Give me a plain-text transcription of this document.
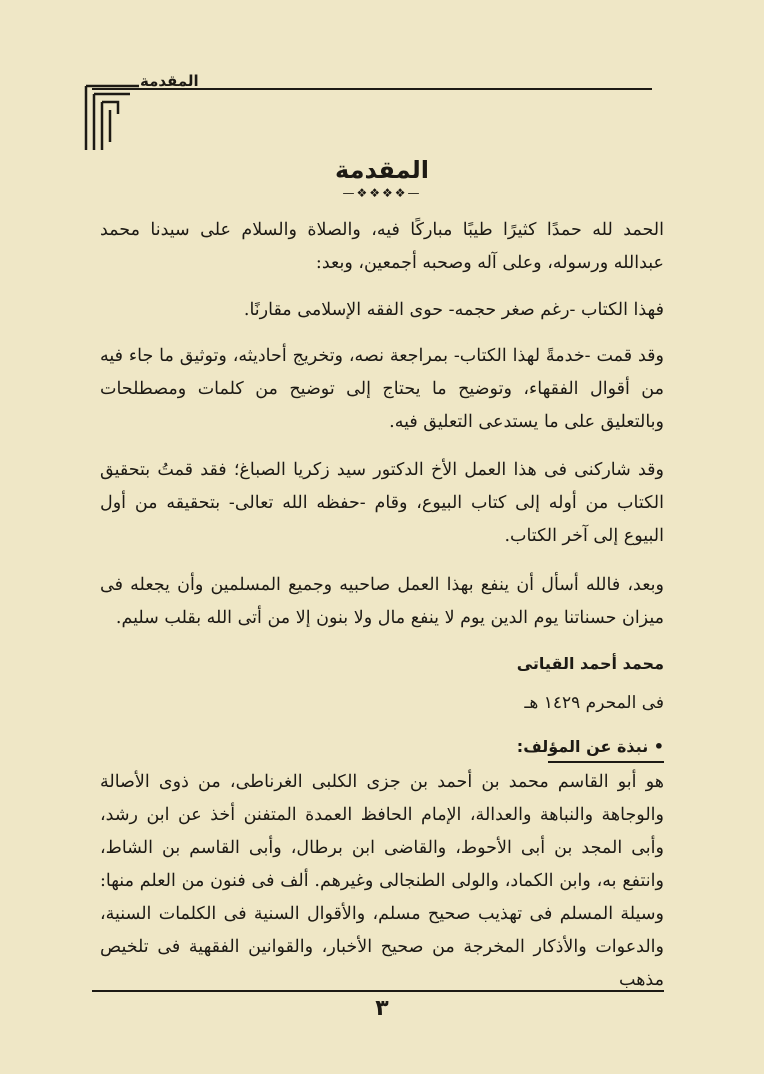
المقدمة
المقدمة
—❖❖❖❖—

الحمد لله حمدًا كثيرًا طيبًا مباركًا فيه، والصلاة والسلام على سيدنا محمد عبدالله ورسوله، وعلى آله وصحبه أجمعين، وبعد:

فهذا الكتاب -رغم صغر حجمه- حوى الفقه الإسلامى مقارنًا.

وقد قمت -خدمةً لهذا الكتاب- بمراجعة نصه، وتخريج أحاديثه، وتوثيق ما جاء فيه من أقوال الفقهاء، وتوضيح ما يحتاج إلى توضيح من كلمات ومصطلحات وبالتعليق على ما يستدعى التعليق فيه.

وقد شاركنى فى هذا العمل الأخ الدكتور سيد زكريا الصباغ؛ فقد قمتُ بتحقيق الكتاب من أوله إلى كتاب البيوع، وقام -حفظه الله تعالى- بتحقيقه من أول البيوع إلى آخر الكتاب.

وبعد، فالله أسأل أن ينفع بهذا العمل صاحبيه وجميع المسلمين وأن يجعله فى ميزان حسناتنا يوم الدين يوم لا ينفع مال ولا بنون إلا من أتى الله بقلب سليم.

محمد أحمد القياتى
فى المحرم ١٤٢٩ هـ
• نبذة عن المؤلف:

هو أبو القاسم محمد بن أحمد بن جزى الكلبى الغرناطى، من ذوى الأصالة والوجاهة والنباهة والعدالة، الإمام الحافظ العمدة المتفنن أخذ عن ابن رشد، وأبى المجد بن أبى الأحوط، والقاضى ابن برطال، وأبى القاسم بن الشاط، وانتفع به، وابن الكماد، والولى الطنجالى وغيرهم. ألف فى فنون من العلم منها: وسيلة المسلم فى تهذيب صحيح مسلم، والأقوال السنية فى الكلمات السنية، والدعوات والأذكار المخرجة من صحيح الأخبار، والقوانين الفقهية فى تلخيص مذهب

٣
